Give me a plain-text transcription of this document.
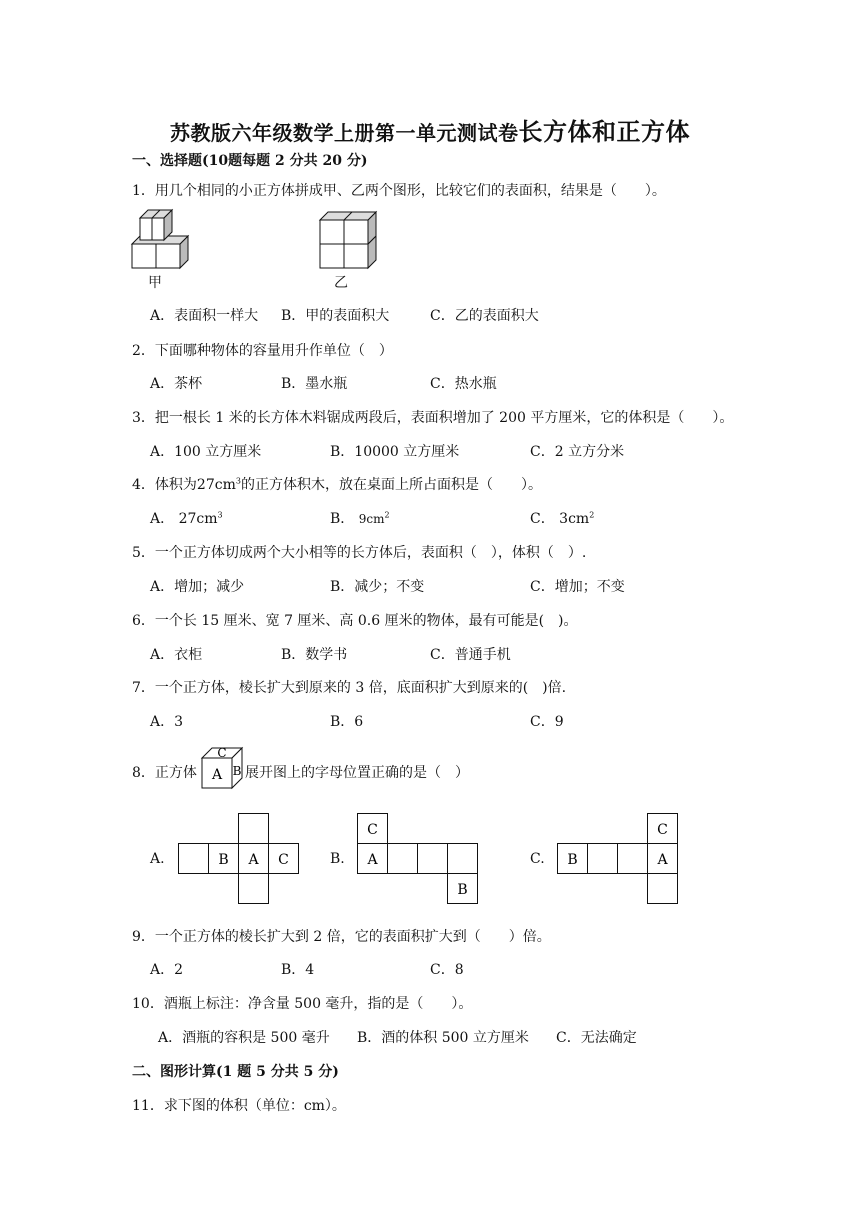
苏教版六年级数学上册第一单元测试卷长方体和正方体
一、选择题(10题每题 2 分共 20 分)
1．用几个相同的小正方体拼成甲、乙两个图形，比较它们的表面积，结果是（　　）。
甲	乙
A．表面积一样大 B．甲的表面积大	C．乙的表面积大
2．下面哪种物体的容量用升作单位（　）
A．茶杯	B．墨水瓶	C．热水瓶
3．把一根长 1 米的长方体木料锯成两段后，表面积增加了 200 平方厘米，它的体积是（　　）。
A．100 立方厘米	B．10000 立方厘米	C．2 立方分米
4．体积为$27cm^3$的正方体积木，放在桌面上所占面积是（　　）。
A． $27cm^3$	B． $9cm^2$	C． $3cm^2$
5．一个正方体切成两个大小相等的长方体后，表面积（　），体积（　）.
A．增加；减少	B．减少；不变	C．增加；不变
6．一个长 15 厘米、宽 7 厘米、高 0.6 厘米的物体，最有可能是(　)。
A．衣柜	B．数学书	C．普通手机
7．一个正方体，棱长扩大到原来的 3 倍，底面积扩大到原来的(　)倍.
A．3	B．6	C．9
8．正方体 A
C
B 展开图上的字母位置正确的是（　）
A.	B A C	B.
C
A
B
C. B
C
A
9．一个正方体的棱长扩大到 2 倍，它的表面积扩大到（　　）倍。
A．2	B．4	C．8
10．酒瓶上标注：净含量 500 毫升，指的是（　　）。
A．酒瓶的容积是 500 毫升 B．酒的体积 500 立方厘米 C．无法确定
二、图形计算(1 题 5 分共 5 分)
11．求下图的体积（单位：cm）。
